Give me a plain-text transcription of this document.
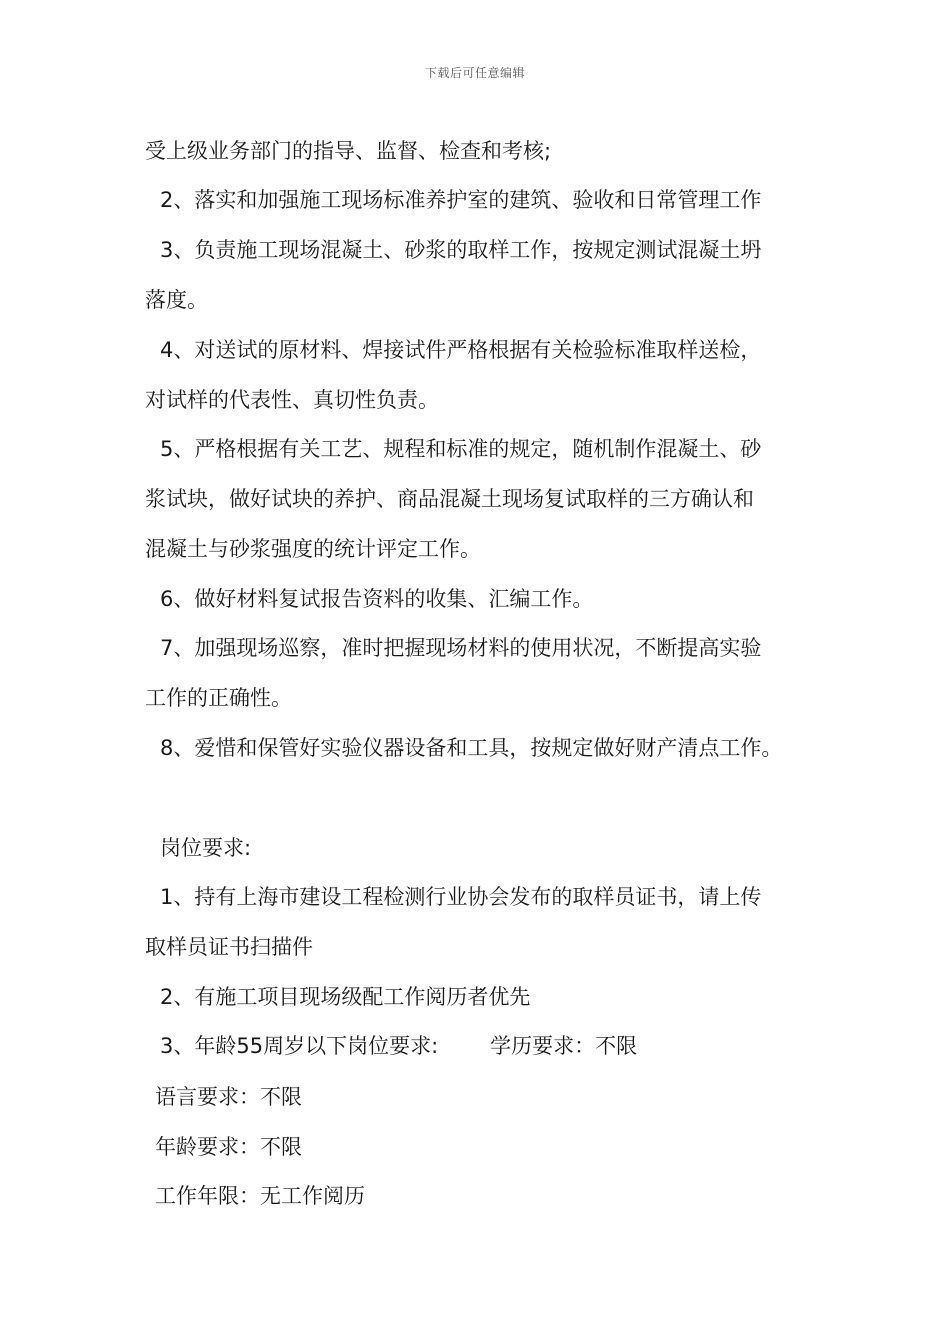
下载后可任意编辑
受上级业务部门的指导、监督、检查和考核;
2、落实和加强施工现场标准养护室的建筑、验收和日常管理工作
3、负责施工现场混凝土、砂浆的取样工作，按规定测试混凝土坍
落度。
4、对送试的原材料、焊接试件严格根据有关检验标准取样送检，
对试样的代表性、真切性负责。
5、严格根据有关工艺、规程和标准的规定，随机制作混凝土、砂
浆试块，做好试块的养护、商品混凝土现场复试取样的三方确认和
混凝土与砂浆强度的统计评定工作。
6、做好材料复试报告资料的收集、汇编工作。
7、加强现场巡察，准时把握现场材料的使用状况，不断提高实验
工作的正确性。
8、爱惜和保管好实验仪器设备和工具，按规定做好财产清点工作。
岗位要求:
1、持有上海市建设工程检测行业协会发布的取样员证书，请上传
取样员证书扫描件
2、有施工项目现场级配工作阅历者优先
3、年龄55周岁以下岗位要求: 学历要求：不限
语言要求：不限
年龄要求：不限
工作年限：无工作阅历
